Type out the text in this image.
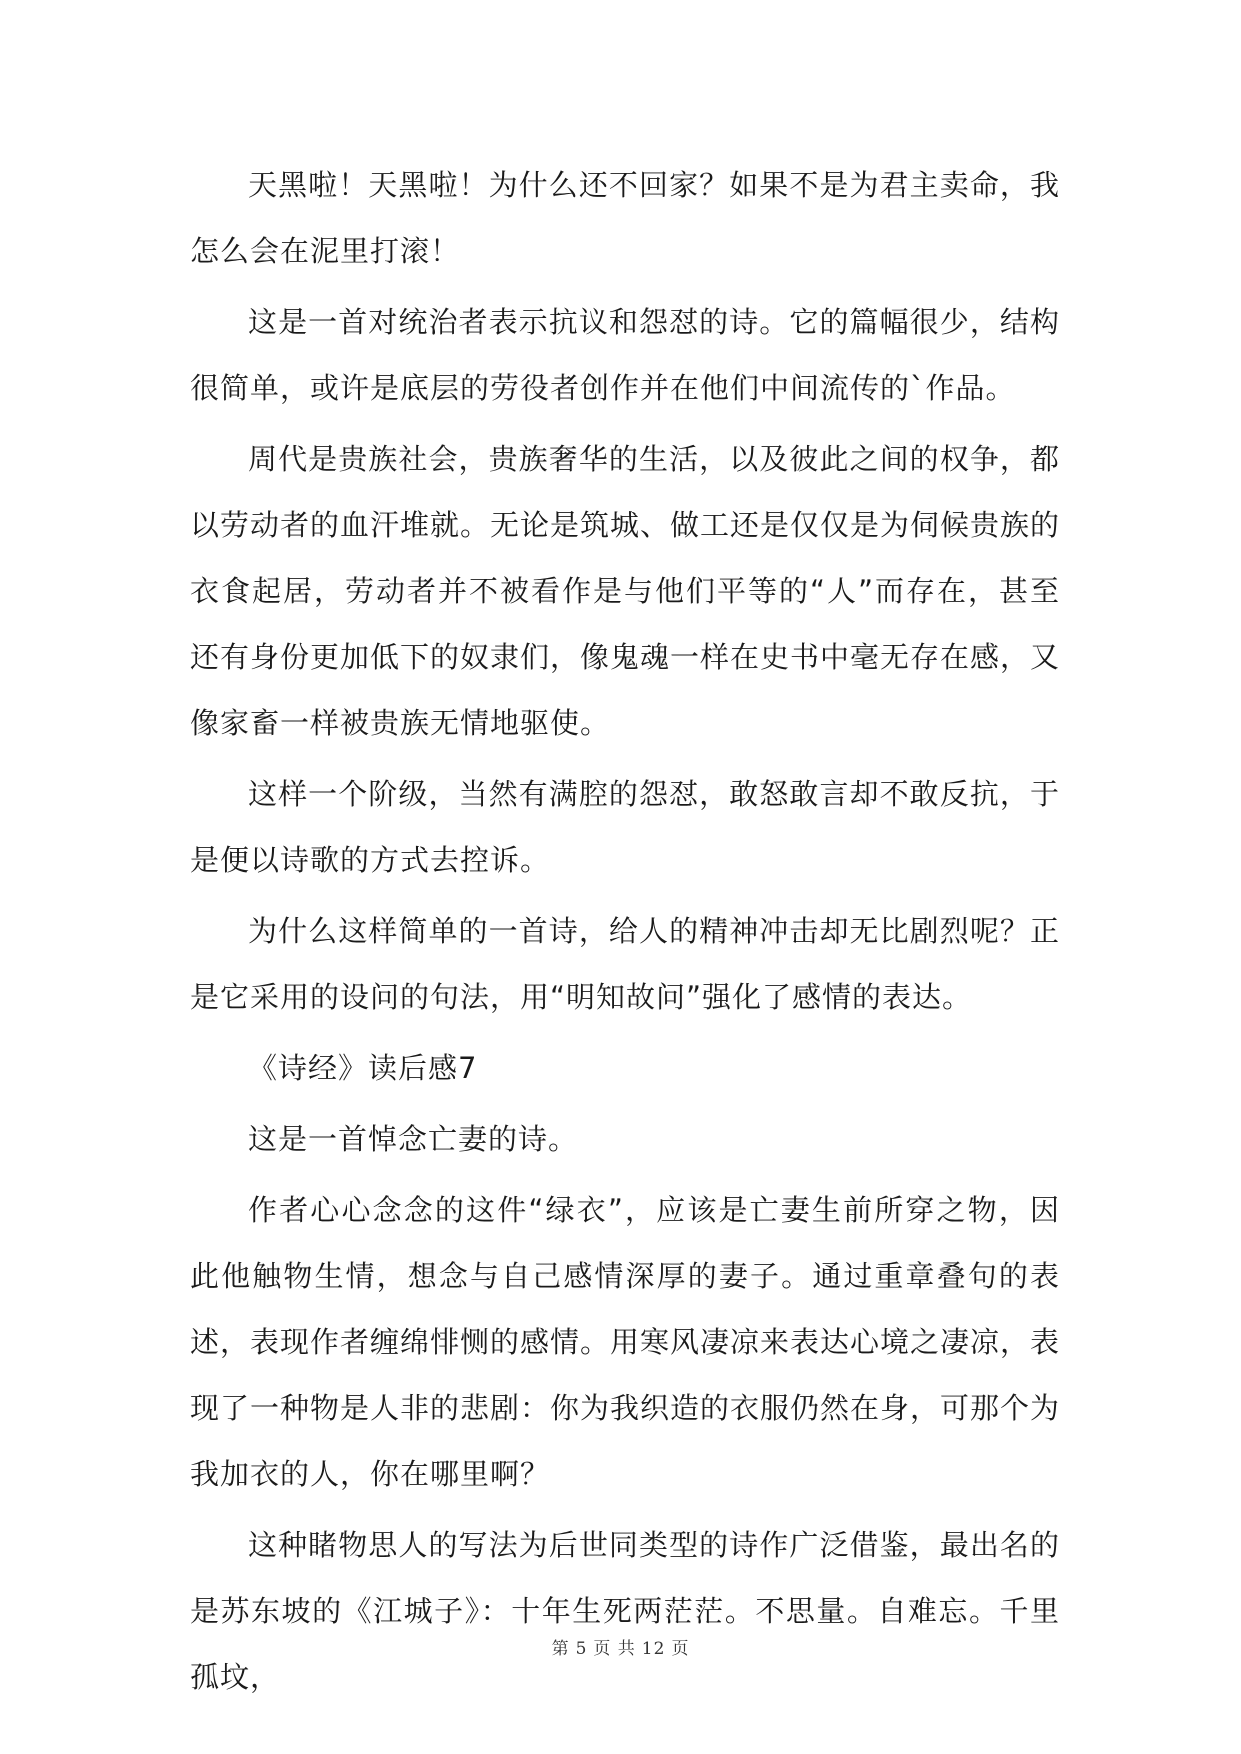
天黑啦！天黑啦！为什么还不回家？如果不是为君主卖命，我怎么会在泥里打滚！

这是一首对统治者表示抗议和怨怼的诗。它的篇幅很少，结构很简单，或许是底层的劳役者创作并在他们中间流传的`作品。

周代是贵族社会，贵族奢华的生活，以及彼此之间的权争，都以劳动者的血汗堆就。无论是筑城、做工还是仅仅是为伺候贵族的衣食起居，劳动者并不被看作是与他们平等的“人”而存在，甚至还有身份更加低下的奴隶们，像鬼魂一样在史书中毫无存在感，又像家畜一样被贵族无情地驱使。

这样一个阶级，当然有满腔的怨怼，敢怒敢言却不敢反抗，于是便以诗歌的方式去控诉。

为什么这样简单的一首诗，给人的精神冲击却无比剧烈呢？正是它采用的设问的句法，用“明知故问”强化了感情的表达。

《诗经》读后感7

这是一首悼念亡妻的诗。

作者心心念念的这件“绿衣”，应该是亡妻生前所穿之物，因此他触物生情，想念与自己感情深厚的妻子。通过重章叠句的表述，表现作者缠绵悱恻的感情。用寒风凄凉来表达心境之凄凉，表现了一种物是人非的悲剧：你为我织造的衣服仍然在身，可那个为我加衣的人，你在哪里啊？

这种睹物思人的写法为后世同类型的诗作广泛借鉴，最出名的是苏东坡的《江城子》：十年生死两茫茫。不思量。自难忘。千里孤坟，

第 5 页 共 12 页
